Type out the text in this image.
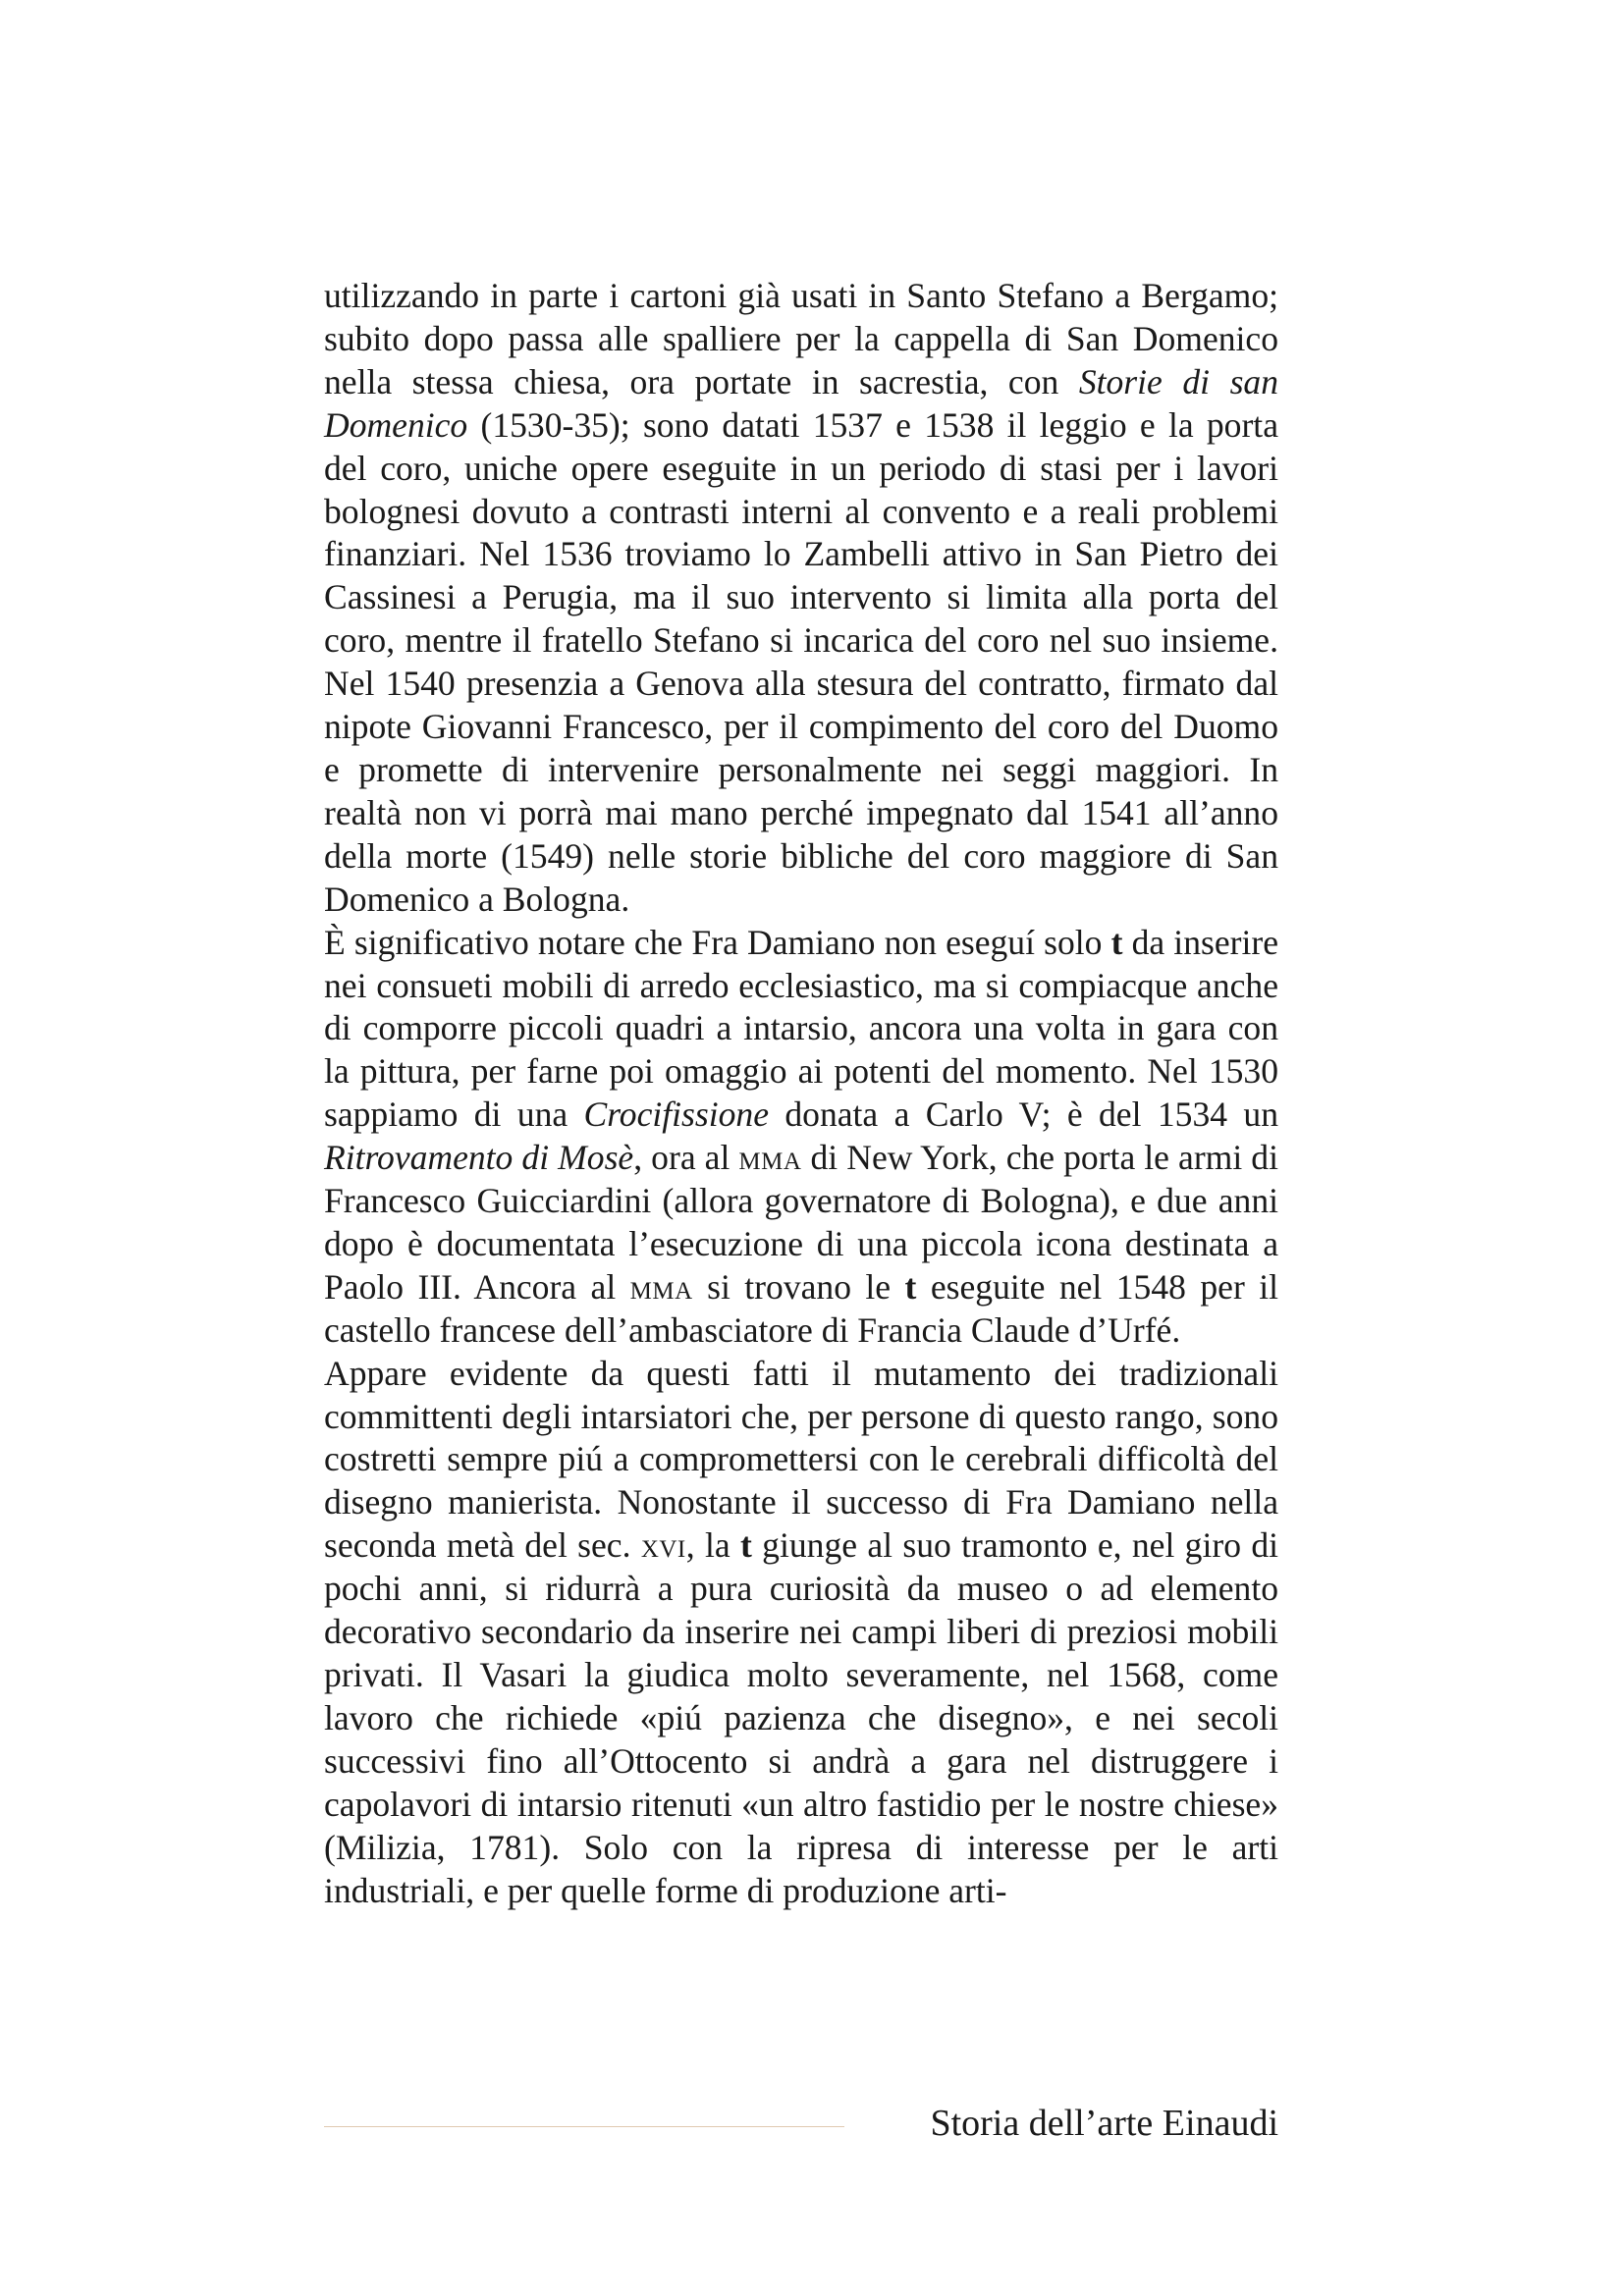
utilizzando in parte i cartoni già usati in Santo Stefano a Bergamo; subito dopo passa alle spalliere per la cappella di San Domenico nella stessa chiesa, ora portate in sacrestia, con Storie di san Domenico (1530-35); sono datati 1537 e 1538 il leggio e la porta del coro, uniche opere eseguite in un periodo di stasi per i lavori bolognesi dovuto a contrasti interni al convento e a reali problemi finanziari. Nel 1536 troviamo lo Zambelli attivo in San Pietro dei Cassinesi a Perugia, ma il suo intervento si limita alla porta del coro, mentre il fratello Stefano si incarica del coro nel suo insieme. Nel 1540 presenzia a Genova alla stesura del contratto, firmato dal nipote Giovanni Francesco, per il compimento del coro del Duomo e promette di intervenire personalmente nei seggi maggiori. In realtà non vi porrà mai mano perché impegnato dal 1541 all’anno della morte (1549) nelle storie bibliche del coro maggiore di San Domenico a Bologna.

È significativo notare che Fra Damiano non eseguí solo t da inserire nei consueti mobili di arredo ecclesiastico, ma si compiacque anche di comporre piccoli quadri a intarsio, ancora una volta in gara con la pittura, per farne poi omaggio ai potenti del momento. Nel 1530 sappiamo di una Crocifissione donata a Carlo V; è del 1534 un Ritrovamento di Mosè, ora al mma di New York, che porta le armi di Francesco Guicciardini (allora governatore di Bologna), e due anni dopo è documentata l’esecuzione di una piccola icona destinata a Paolo III. Ancora al mma si trovano le t eseguite nel 1548 per il castello francese dell’ambasciatore di Francia Claude d’Urfé.

Appare evidente da questi fatti il mutamento dei tradizionali committenti degli intarsiatori che, per persone di questo rango, sono costretti sempre piú a compromettersi con le cerebrali difficoltà del disegno manierista. Nonostante il successo di Fra Damiano nella seconda metà del sec. xvi, la t giunge al suo tramonto e, nel giro di pochi anni, si ridurrà a pura curiosità da museo o ad elemento decorativo secondario da inserire nei campi liberi di preziosi mobili privati. Il Vasari la giudica molto severamente, nel 1568, come lavoro che richiede «piú pazienza che disegno», e nei secoli successivi fino all’Ottocento si andrà a gara nel distruggere i capolavori di intarsio ritenuti «un altro fastidio per le nostre chiese» (Milizia, 1781). Solo con la ripresa di interesse per le arti industriali, e per quelle forme di produzione arti-

Storia dell’arte Einaudi
